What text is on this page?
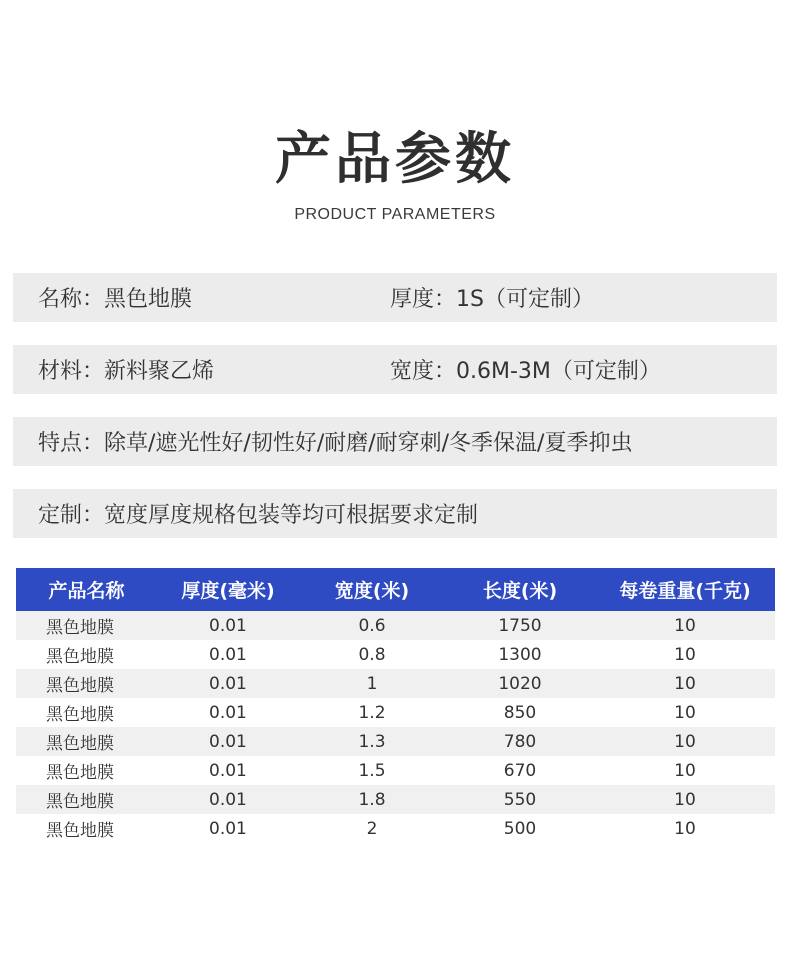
产品参数
PRODUCT PARAMETERS
名称：黑色地膜	厚度：1S（可定制）
材料：新料聚乙烯	宽度：0.6M-3M（可定制）
特点：除草/遮光性好/韧性好/耐磨/耐穿刺/冬季保温/夏季抑虫
定制：宽度厚度规格包装等均可根据要求定制
产品名称	厚度(毫米)	宽度(米)	长度(米)	每卷重量(千克)
黑色地膜	0.01	0.6	1750	10
黑色地膜	0.01	0.8	1300	10
黑色地膜	0.01	1	1020	10
黑色地膜	0.01	1.2	850	10
黑色地膜	0.01	1.3	780	10
黑色地膜	0.01	1.5	670	10
黑色地膜	0.01	1.8	550	10
黑色地膜	0.01	2	500	10
